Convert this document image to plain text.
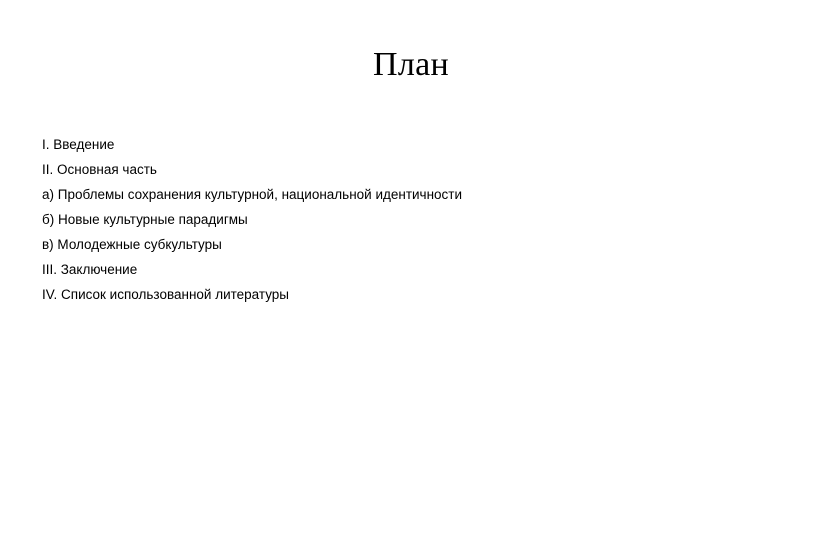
План
I. Введение
II. Основная часть
а) Проблемы сохранения культурной, национальной идентичности
б) Новые культурные парадигмы
в) Молодежные субкультуры
III. Заключение
IV. Список использованной литературы
